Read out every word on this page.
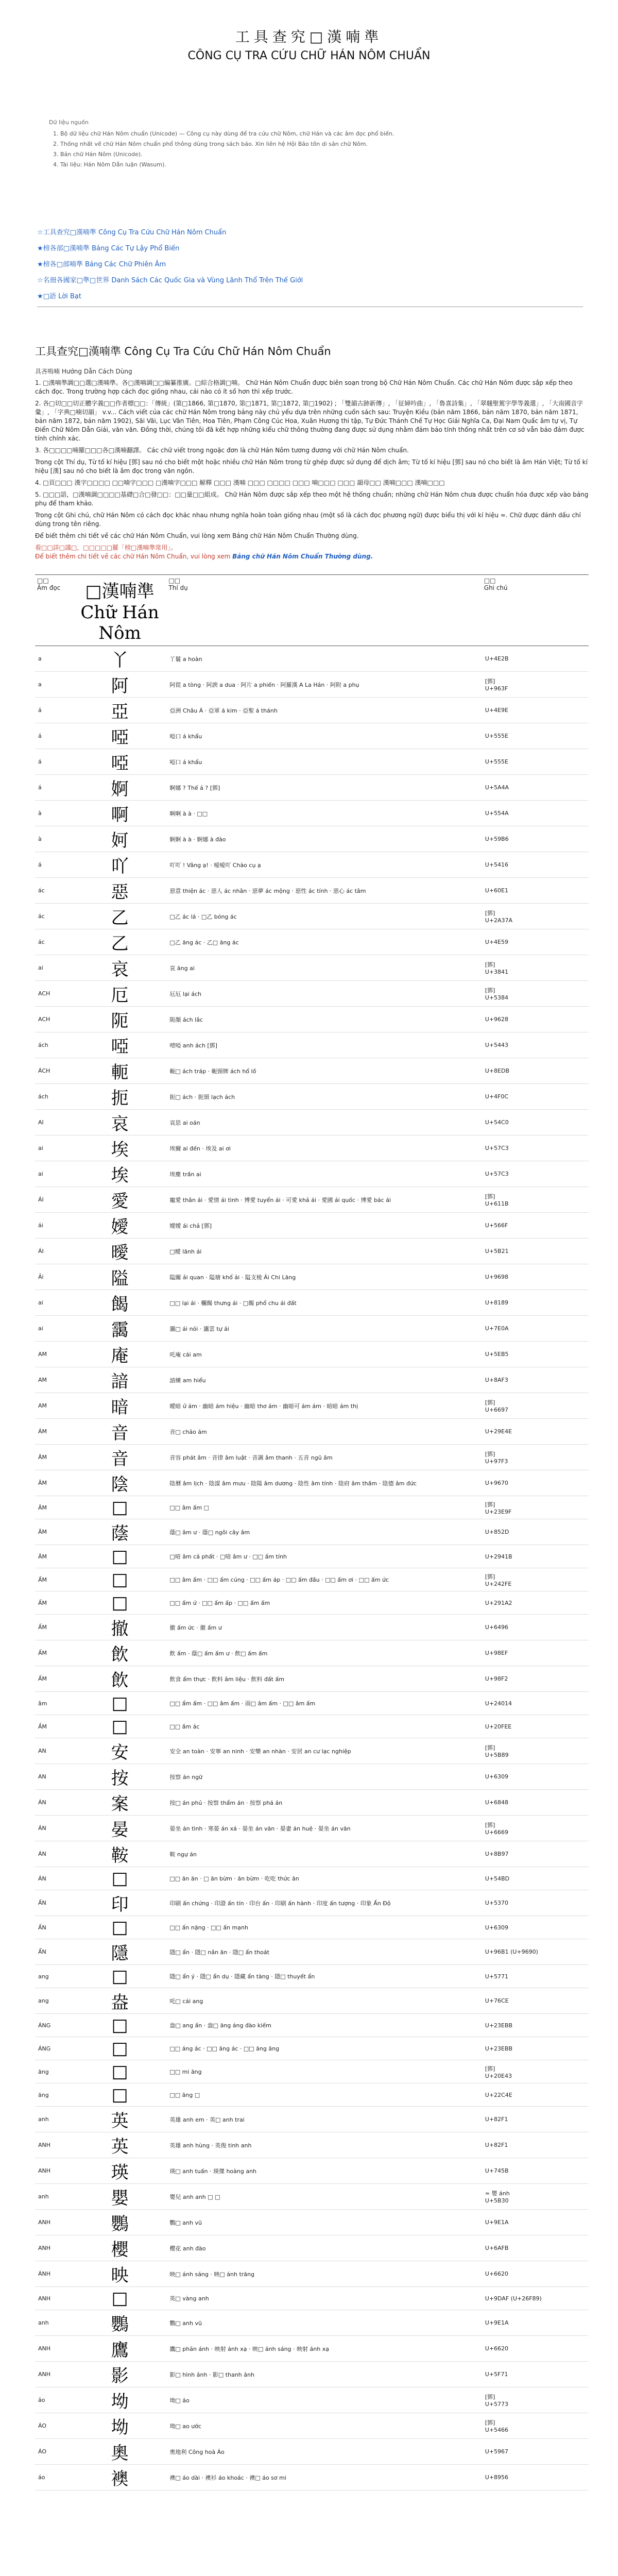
工具查究□漢喃準
CÔNG CỤ TRA CỨU CHỮ HÁN NÔM CHUẨN
Dữ liệu nguồn
1. Bộ dữ liệu chữ Hán Nôm chuẩn (Unicode) — Công cụ này dùng để tra cứu chữ Nôm, chữ Hán và các âm đọc phổ biến.
2. Thống nhất về chữ Hán Nôm chuẩn phổ thông dùng trong sách báo. Xin liên hệ Hội Bảo tồn di sản chữ Nôm.
3. Bản chữ Hán Nôm (Unicode).
4. Tài liệu: Hán Nôm Dẫn luận (Wasum).
☆工具查究□漢喃準 Công Cụ Tra Cứu Chữ Hán Nôm Chuẩn
★榜各部□漢喃準 Bảng Các Tự Lậy Phổ Biến
★榜各□部喃準 Bảng Các Chữ Phiên Âm
☆名冊各國家□準□世界 Danh Sách Các Quốc Gia và Vùng Lãnh Thổ Trên Thế Giới
★□語 Lời Bạt
工具查究□漢喃準 Công Cụ Tra Cứu Chữ Hán Nôm Chuẩn
具吝嗚喃 Hướng Dẫn Cách Dùng

1. □漢喃準調□□選□漢喃準。各□漢喃調□□編纂推廣。□綜合格調□喃。 Chữ Hán Nôm Chuẩn được biên soạn trong bộ Chữ Hán Nôm Chuẩn. Các chữ Hán Nôm được sắp xếp theo cách đọc. Trong trường hợp cách đọc giống nhau, cái nào có ít số hơn thì xếp trước.

2. 各□切□□切正體字義□□作者標□□：「傳統」(第□1866, 第□1870, 第□1871, 第□1872, 第□1902) ; 「雙韻古跡新傳」, 「征婦吟曲」, 「魯喜詩集」, 「翠翹聖駕字學等義選」, 「大南國音字彙」, 「字典□喃切韻」 v.v... Cách viết của các chữ Hán Nôm trong bảng này chủ yếu dựa trên những cuốn sách sau: Truyện Kiều (bản năm 1866, bản năm 1870, bản năm 1871, bản năm 1872, bản năm 1902), Sãi Vãi, Lục Vân Tiên, Hoa Tiên, Phạm Công Cúc Hoa, Xuân Hương thi tập, Tự Đức Thánh Chế Tự Học Giải Nghĩa Ca, Đại Nam Quấc âm tự vị, Tự Điển Chữ Nôm Dẫn Giải, văn văn. Đồng thời, chúng tôi đã kết hợp những kiểu chữ thông thường đang được sử dụng nhằm đảm bảo tính thống nhất trên cơ sở vẫn bảo đảm được tính chính xác.

3. 各□□□□喃羅□□□各□漢喃翻譯。 Các chữ viết trong ngoặc đơn là chữ Hán Nôm tương đương với chữ Hán Nôm chuẩn.

Trong cột Thí dụ, Từ tố kí hiệu [鄧] sau nó cho biết một hoặc nhiều chữ Hán Nôm trong từ ghép được sử dụng để dịch âm; Từ tố kí hiệu [鄧] sau nó cho biết là âm Hán Việt; Từ tố kí hiệu [漢] sau nó cho biết là âm đọc trong văn ngôn.

4. □頁□□□ 漢字□□□□ □□喃字□□□ □漢喃字□□□ 解釋 □□□ 漢喃 □□□ □□□□ □□□ 喃□□□ □□□ 韻母□□ 漢喃□□□ 漢喃□□□

5. □□□語，□漢喃調□□□□基礎□合□發□□：□□量□□組成。 Chữ Hán Nôm được sắp xếp theo một hệ thống chuẩn; những chữ Hán Nôm chưa được chuẩn hóa được xếp vào bảng phụ để tham khảo.

Trong cột Ghi chú, chữ Hán Nôm có cách đọc khác nhau nhưng nghĩa hoàn toàn giống nhau (một số là cách đọc phương ngữ) được biểu thị với kí hiệu ≈. Chữ được đánh dấu chỉ dùng trong tên riêng.

Để biết thêm chi tiết về các chữ Hán Nôm Chuẩn, vui lòng xem Bảng chữ Hán Nôm Chuẩn Thường dùng.

看□□詳□謹□，□□□□□羅「榜□漢喃準常用」。
Để biết thêm chi tiết về các chữ Hán Nôm Chuẩn, vui lòng xem Bảng chữ Hán Nôm Chuẩn Thường dùng.

□□
Âm đọc	□漢喃準
Chữ Hán Nôm	□□
Thí dụ	□□
Ghi chú
a	丫	丫鬟 a hoàn	U+4E2B
a	阿	阿從 a tòng · 阿諛 a dua · 阿片 a phiến · 阿羅漢 A La Hán · 阿附 a phụ	[鄧]
U+963F
á	亞	亞洲 Châu Á · 亞軍 á kim · 亞聖 á thánh	U+4E9E
á	啞	啞口 á khẩu	U+555E
á	啞	啞口 á khẩu	U+555E
á	婀	婀娜 ? Thế á ? [鄧]	U+5A4A
à	啊	啊啊 à à · □□	U+554A
à	妸	婀婀 à à · 婀娜 à đào	U+59B6
á	吖	吖吖 ! Vâng ạ! · 嗳嗳吖 Chào cụ ạ	U+5416
ác	惡	惡意 thiện ác · 惡人 ác nhân · 惡夢 ác mộng · 惡性 ác tính · 惡心 ác tâm	U+60E1
ác	乙	□乙 ác lá · □乙 bóng ác	[鄧]
U+2A37A
ác	乙	□乙 ăng ác · 乙□ ăng ác	U+4E59
ai	哀	哀 ăng ai	[鄧]
U+3841
ACH	厄	厄厄 lại ách	[鄧]
U+5384
ACH	阨	阨顏 ách lắc	U+9628
ách	啞	噎啞 anh ách [鄧]	U+5443
ÁCH	軛	軛□ ách tráp · 軛頸牌 ách hổ lồ	U+8EDB
ách	扼	扼□ ách · 扼頸 lạch ách	U+4F0C
AI	哀	哀思 ai oán	U+54C0
ai	埃	埃爾 ai đến · 埃及 ai ơi	U+57C3
ai	埃	埃塵 trần ai	U+57C3
ÁI	愛	寵愛 thân ái · 愛情 ái tình · 博愛 tuyển ái · 可愛 khả ái · 愛國 ái quốc · 博愛 bác ái	[鄧]
U+611B
ái	嬡	嬡嬡 ái chả [鄧]	U+566F
ÁI	曖	□曖 lãnh ái	U+5B21
Ải	隘	隘關 ải quan · 隘塘 khổ ải · 隘支棱 Ải Chi Lăng	U+9698
ai	餲	□□ lại ái · 欄餲 thưng ái · □餲 phổ chu ái đất	U+8189
ai	靄	靄□ ái nói · 靄雲 tự ái	U+7E0A
AM	庵	吒庵 cái am	U+5EB5
AM	諳	諳練 am hiểu	U+8AF3
AM	暗	曖暗 ử ám · 幽暗 ám hiệu · 幽暗 thơ ám · 幽暗可 ám ám · 暗暗 ám thị	[鄧]
U+6697
ÁM	音	音□ chảo ám	U+29E4E
ÂM	音	音容 phát âm · 音律 âm luật · 音調 âm thanh · 五音 ngũ âm	[鄧]
U+97F3
ÂM	陰	陰曆 âm lịch · 陰謀 âm mưu · 陰陽 âm dương · 陰性 âm tính · 陰府 âm thầm · 陰德 âm đức	U+9670
ÂM	□	□□ âm ấm □	[鄧]
U+23E9F
ÂM	蔭	蔭□ âm ư · 蔭□ ngôi cây âm	U+852D
ÂM	□	□喑 âm cả phất · □喑 âm ư · □□ ấm tính	U+2941B
ẤM	□	□□ âm ấm · □□ ấm cúng · □□ ấm áp · □□ ấm đầu · □□ ấm ơi · □□ ấm ức	[鄧]
U+242FE
ẤM	□	□□ ấm ứ · □□ ấm ấp · □□ ấm ấm	U+291A2
ẤM	撤	撤 ấm ức · 撤 ấm ư	U+6496
ẤM	飲	飲 ấm · 蔭□ ấm ấm ư · 飲□ ấm ấm	U+98EF
ẤM	飲	飲食 ẩm thực · 飲料 âm liệu · 飲料 đất ấm	U+98F2
âm	□	□□ ẩm ấm · □□ âm ấm · 雨□ âm ấm · □□ âm ấm	U+24014
ẦM	□	□□ ầm ác	U+20FEE
AN	安	安全 an toàn · 安寧 an ninh · 安樂 an nhàn · 安居 an cư lạc nghiệp	[鄧]
U+5B89
AN	按	按察 án ngữ	U+6309
ÁN	案	按□ án phủ · 按察 thẩm án · 按察 phá án	U+6848
ÁN	晏	晏坐 án tình · 寒晏 án xá · 晏坐 án văn · 晏妻 án huệ · 晏坐 án văn	[鄧]
U+6669
ÁN	鞍	鞍 ngự án	U+8B97
ÁN	□	□□ ăn ăn · □ ăn bừm · ăn bừm · 吃吃 thức ăn	U+54BD
ẤN	印	印刷 ấn chứng · 印證 ấn tín · 印台 ấn · 印刷 ấn hành · 印度 ấn tượng · 印象 Ấn Độ	U+5370
ẤN	□	□□ ấn nặng · □□ ấn mạnh	U+6309
ẨN	隱	隱□ ẩn · 隱□ nắn ãn · 隱□ ẩn thoát	U+96B1 (U+9690)
ang	□	隱□ ẩn ý · 隱□ ẩn dụ · 隱藏 ẩn tàng · 隱□ thuyết ẩn	U+5771
ang	盎	吒□ cái ang	U+76CE
ÁNG	□	盎□ ang ấn · 盎□ ăng áng đào kiếm	U+23EBB
ÁNG	□	□□ áng ác · □□ ăng ác · □□ ăng ăng	U+23EBB
ăng	□	□□ mi ăng	[鄧]
U+20E43
ăng	□	□□ ăng □	U+22C4E
anh	英	英雄 anh em · 英□ anh trai	U+82F1
ANH	英	英雄 anh hùng · 英俊 tinh anh	U+82F1
ANH	瑛	瑛□ anh tuấn · 瑛傑 hoàng anh	U+745B
anh	嬰	嬰兒 anh anh □ □	≈ 嬰 ánh
U+5B30
ANH	鸚	鸚□ anh vũ	U+9E1A
ANH	櫻	櫻花 anh đào	U+6AFB
ÁNH	映	映□ ánh sáng · 映□ ánh trăng	U+6620
ANH	□	英□ vàng anh	U+9DAF (U+26F89)
anh	鸚	鸚□ anh vũ	U+9E1A
ANH	鷹	鷹□ phản ánh · 映射 ánh xạ · 映□ ánh sáng · 映射 ánh xạ	U+6620
ANH	影	影□ hình ảnh · 影□ thanh ảnh	U+5F71
ảo	坳	坳□ ảo	[鄧]
U+5773
ÁO	坳	坳□ ao ước	[鄧]
U+5466
ÁO	奧	奧地利 Công hoà Áo	U+5967
áo	襖	襖□ áo dài · 襖衫 áo khoác · 襖□ áo sơ mi	U+8956
